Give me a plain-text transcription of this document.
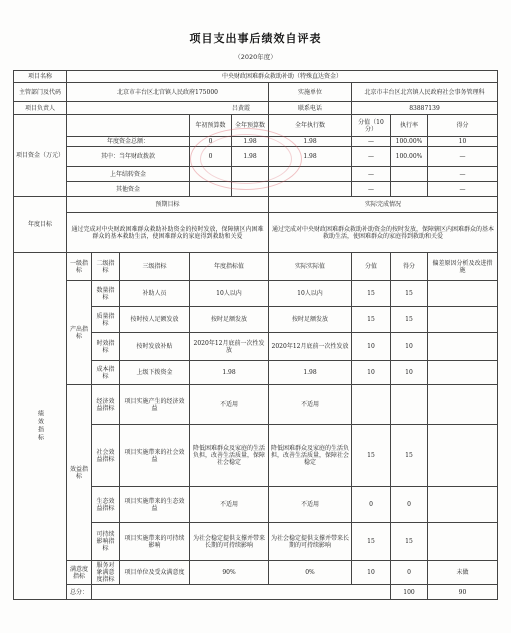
项目支出事后绩效自评表
（2020年度）
项目名称	中央财政困难群众救助补助（特殊直达资金）									
主管部门及代码	北京市丰台区北宫镇人民政府175000					实施单位	北京市丰台区北宫镇人民政府社会事务管理科			
项目负责人	吕黄霞					联系电话	83887139			
项目资金（万元）				年初预算数	全年预算数	全年执行数	分值（10分）	执行率	得分	
	年度资金总额：			0	1.98	1.98	—	100.00%	10	
	其中：当年财政拨款			0	1.98	1.98	—	100.00%	—	
	上年结转资金						—		—	
	其他资金						—		—	
年度目标	预期目标					实际完成情况				
	通过完成对中央财政困难群众救助补助资金的按时发放，保障辖区内困难群众的基本救助生活，使困难群众的家庭得到救助和关爱					通过完成对中央财政困难群众救助补助资金的按时发放，保障辖区内困难群众的基本救助生活，使困难群众的家庭得到救助和关爱				

绩效指标	一级指标	二级指标	三级指标	年度指标值		实际实际值	分值	得分	偏差原因分析及改进措施	
	产出指标	数量指标	补助人员	10人以内		10人以内	15	15		
		质量指标	按时按人足额发放	按时足额发放		按时足额发放	15	15		
		时效指标	按时发放补贴	2020年12月底前一次性发放		2020年12月底前一次性发放	10	10		
		成本指标	上级下拨资金	1.98		1.98	10	10		
	效益指标	经济效益指标	项目实施产生的经济效益	不适用		不适用				
		社会效益指标	项目实施带来的社会效益	降低困难群众及家庭的生活负担，改善生活质量，保障社会稳定		降低困难群众及家庭的生活负担，改善生活质量，保障社会稳定	15	15		
		生态效益指标	项目实施带来的生态效益	不适用		不适用	0	0		
		可持续影响指标	项目实施带来的可持续影响	为社会稳定提供支撑并带来长期的可持续影响		为社会稳定提供支撑并带来长期的可持续影响	15	15		
	满意度指标	服务对象满意度指标	项目单位及受众满意度	90%		0%	10	0	未做	
	总分：							100	90	
